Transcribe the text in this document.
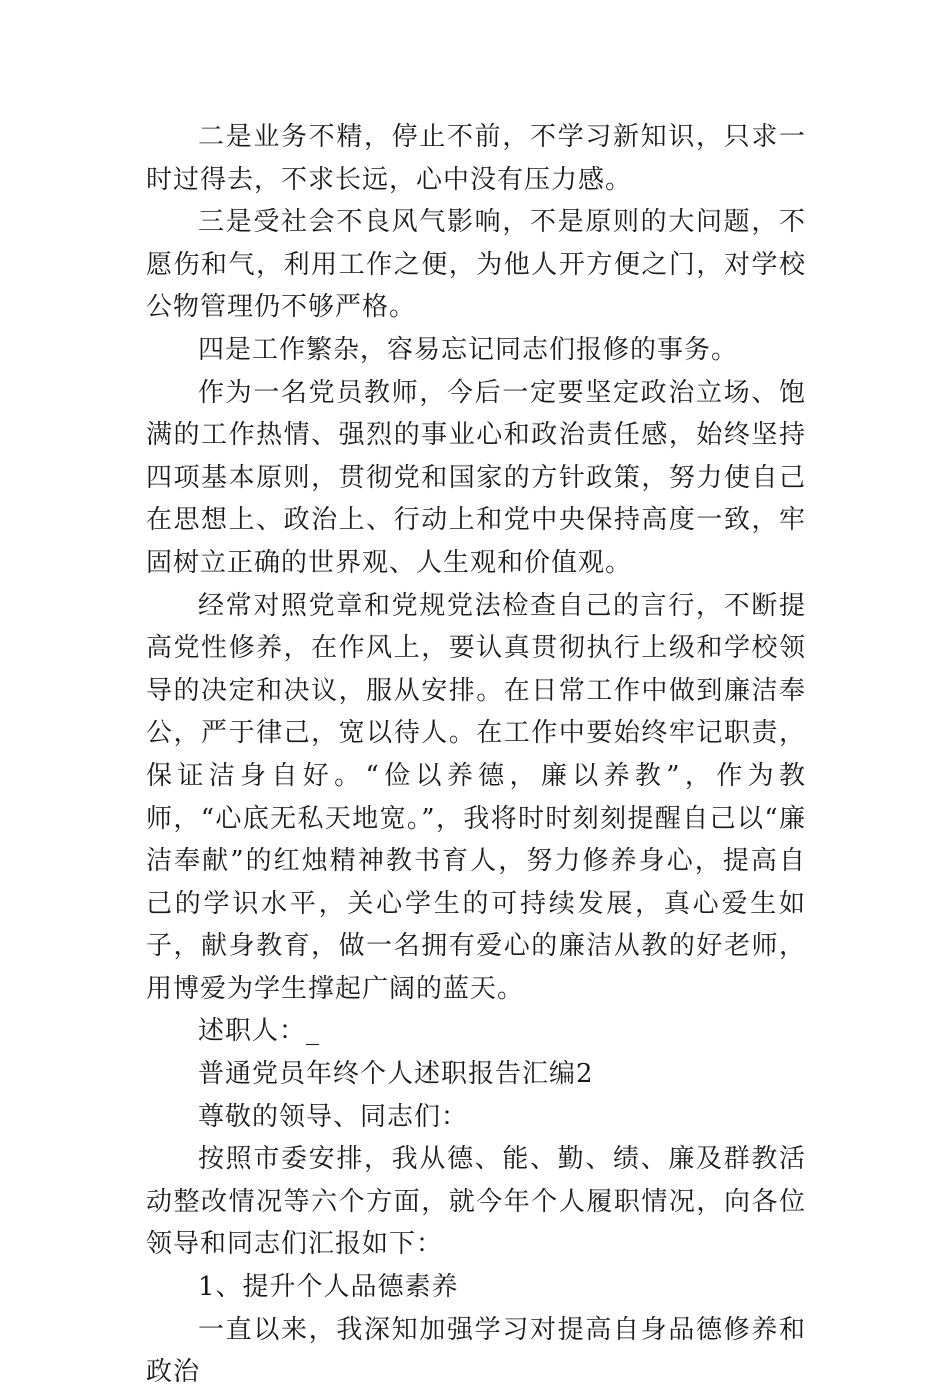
二是业务不精，停止不前，不学习新知识，只求一时过得去，不求长远，心中没有压力感。

三是受社会不良风气影响，不是原则的大问题，不愿伤和气，利用工作之便，为他人开方便之门，对学校公物管理仍不够严格。

四是工作繁杂，容易忘记同志们报修的事务。

作为一名党员教师，今后一定要坚定政治立场、饱满的工作热情、强烈的事业心和政治责任感，始终坚持四项基本原则，贯彻党和国家的方针政策，努力使自己在思想上、政治上、行动上和党中央保持高度一致，牢固树立正确的世界观、人生观和价值观。

经常对照党章和党规党法检查自己的言行，不断提高党性修养，在作风上，要认真贯彻执行上级和学校领导的决定和决议，服从安排。在日常工作中做到廉洁奉公，严于律己，宽以待人。在工作中要始终牢记职责，保证洁身自好。“俭以养德，廉以养教”，作为教师，“心底无私天地宽。”，我将时时刻刻提醒自己以“廉洁奉献”的红烛精神教书育人，努力修养身心，提高自己的学识水平，关心学生的可持续发展，真心爱生如子，献身教育，做一名拥有爱心的廉洁从教的好老师，用博爱为学生撑起广阔的蓝天。

述职人：_

普通党员年终个人述职报告汇编2

尊敬的领导、同志们：

按照市委安排，我从德、能、勤、绩、廉及群教活动整改情况等六个方面，就今年个人履职情况，向各位领导和同志们汇报如下：

1、提升个人品德素养

一直以来，我深知加强学习对提高自身品德修养和政治
